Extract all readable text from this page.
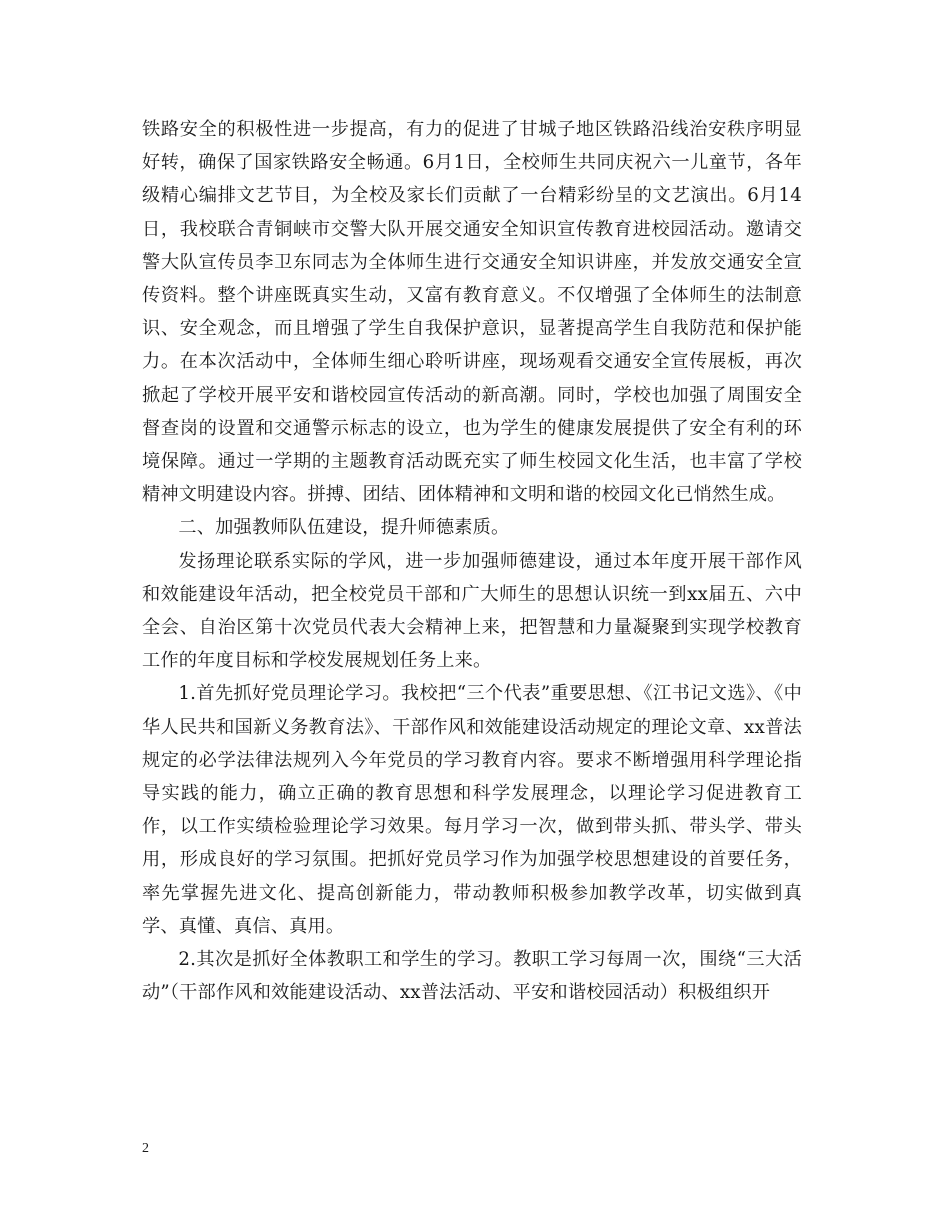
铁路安全的积极性进一步提高，有力的促进了甘城子地区铁路沿线治安秩序明显好转，确保了国家铁路安全畅通。6月1日，全校师生共同庆祝六一儿童节，各年级精心编排文艺节目，为全校及家长们贡献了一台精彩纷呈的文艺演出。6月14日，我校联合青铜峡市交警大队开展交通安全知识宣传教育进校园活动。邀请交警大队宣传员李卫东同志为全体师生进行交通安全知识讲座，并发放交通安全宣传资料。整个讲座既真实生动，又富有教育意义。不仅增强了全体师生的法制意识、安全观念，而且增强了学生自我保护意识，显著提高学生自我防范和保护能力。在本次活动中，全体师生细心聆听讲座，现场观看交通安全宣传展板，再次掀起了学校开展平安和谐校园宣传活动的新高潮。同时，学校也加强了周围安全督查岗的设置和交通警示标志的设立，也为学生的健康发展提供了安全有利的环境保障。通过一学期的主题教育活动既充实了师生校园文化生活，也丰富了学校精神文明建设内容。拼搏、团结、团体精神和文明和谐的校园文化已悄然生成。

二、加强教师队伍建设，提升师德素质。

发扬理论联系实际的学风，进一步加强师德建设，通过本年度开展干部作风和效能建设年活动，把全校党员干部和广大师生的思想认识统一到xx届五、六中全会、自治区第十次党员代表大会精神上来，把智慧和力量凝聚到实现学校教育工作的年度目标和学校发展规划任务上来。

1.首先抓好党员理论学习。我校把“三个代表”重要思想、《江书记文选》、《中华人民共和国新义务教育法》、干部作风和效能建设活动规定的理论文章、xx普法规定的必学法律法规列入今年党员的学习教育内容。要求不断增强用科学理论指导实践的能力，确立正确的教育思想和科学发展理念，以理论学习促进教育工作，以工作实绩检验理论学习效果。每月学习一次，做到带头抓、带头学、带头用，形成良好的学习氛围。把抓好党员学习作为加强学校思想建设的首要任务，率先掌握先进文化、提高创新能力，带动教师积极参加教学改革，切实做到真学、真懂、真信、真用。

2.其次是抓好全体教职工和学生的学习。教职工学习每周一次，围绕“三大活动”（干部作风和效能建设活动、xx普法活动、平安和谐校园活动）积极组织开

2
